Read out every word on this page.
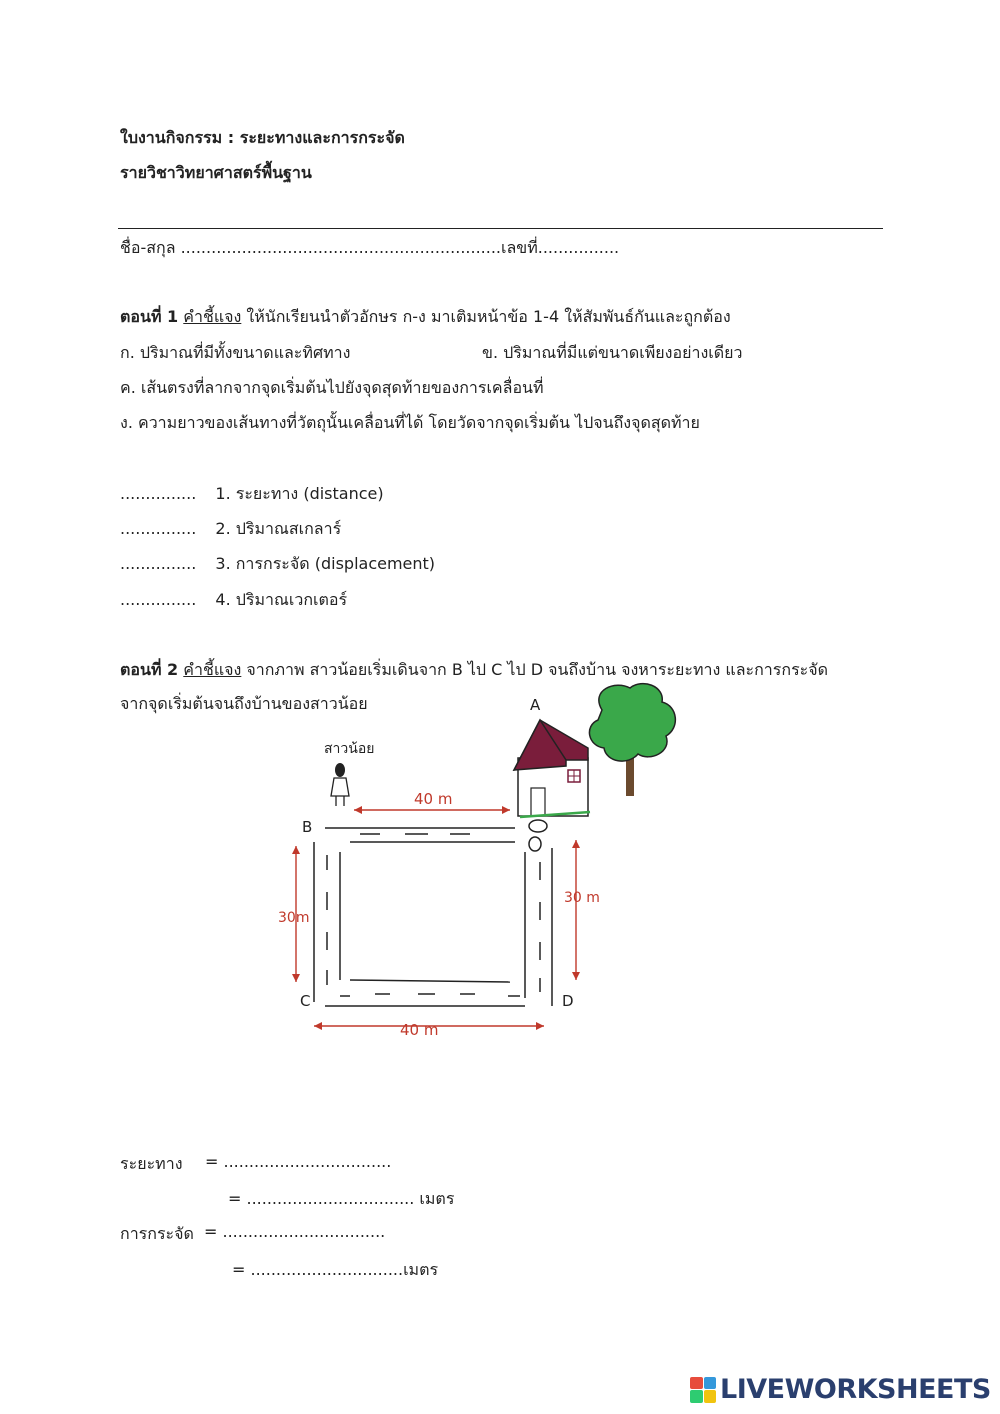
ใบงานกิจกรรม : ระยะทางและการกระจัด
รายวิชาวิทยาศาสตร์พื้นฐาน
ชื่อ-สกุล ...............................................................เลขที่................
ตอนที่ 1 คำชี้แจง ให้นักเรียนนำตัวอักษร ก-ง มาเติมหน้าข้อ 1-4 ให้สัมพันธ์กันและถูกต้อง
ก. ปริมาณที่มีทั้งขนาดและทิศทาง	ข. ปริมาณที่มีแต่ขนาดเพียงอย่างเดียว
ค. เส้นตรงที่ลากจากจุดเริ่มต้นไปยังจุดสุดท้ายของการเคลื่อนที่
ง. ความยาวของเส้นทางที่วัตถุนั้นเคลื่อนที่ได้ โดยวัดจากจุดเริ่มต้น ไปจนถึงจุดสุดท้าย
............... 1. ระยะทาง (distance)
............... 2. ปริมาณสเกลาร์
............... 3. การกระจัด (displacement)
............... 4. ปริมาณเวกเตอร์
ตอนที่ 2 คำชี้แจง จากภาพ สาวน้อยเริ่มเดินจาก B ไป C ไป D จนถึงบ้าน จงหาระยะทาง และการกระจัด
จากจุดเริ่มต้นจนถึงบ้านของสาวน้อย
สาวน้อย
A
B
C	D
40 m
40 m
30m
30 m
ระยะทาง = .................................
= ................................. เมตร
การกระจัด = ................................
= ..............................เมตร
LIVEWORKSHEETS
